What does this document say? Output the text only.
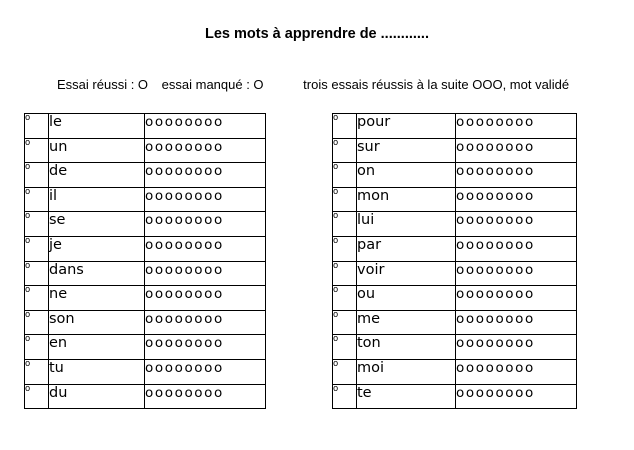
Les mots à apprendre de ............
Essai réussi : O essai manqué : O	trois essais réussis à la suite OOO, mot validé
o	le	oooooooo
o	un	oooooooo
o	de	oooooooo
o	il	oooooooo
o	se	oooooooo
o	je	oooooooo
o	dans	oooooooo
o	ne	oooooooo
o	son	oooooooo
o	en	oooooooo
o	tu	oooooooo
o	du	oooooooo
o	pour	oooooooo
o	sur	oooooooo
o	on	oooooooo
o	mon	oooooooo
o	lui	oooooooo
o	par	oooooooo
o	voir	oooooooo
o	ou	oooooooo
o	me	oooooooo
o	ton	oooooooo
o	moi	oooooooo
o	te	oooooooo
